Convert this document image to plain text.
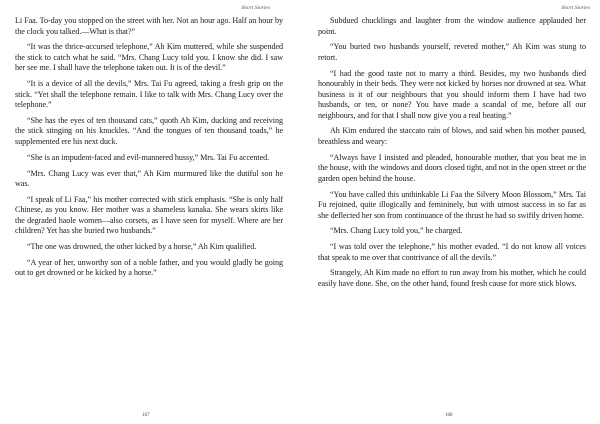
Short Stories

Li Faa. To-day you stopped on the street with her. Not an hour ago. Half an hour by the clock you talked.—What is that?”

“It was the thrice-accursed telephone,” Ah Kim muttered, while she suspended the stick to catch what he said. “Mrs. Chang Lucy told you. I know she did. I saw her see me. I shall have the telephone taken out. It is of the devil.”

“It is a device of all the devils,” Mrs. Tai Fu agreed, taking a fresh grip on the stick. “Yet shall the telephone remain. I like to talk with Mrs. Chang Lucy over the telephone.”

“She has the eyes of ten thousand cats,” quoth Ah Kim, ducking and receiving the stick stinging on his knuckles. “And the tongues of ten thousand toads,” he supplemented ere his next duck.

“She is an impudent-faced and evil-mannered hussy,” Mrs. Tai Fu accented.

“Mrs. Chang Lucy was ever that,” Ah Kim murmured like the dutiful son he was.

“I speak of Li Faa,” his mother corrected with stick emphasis. “She is only half Chinese, as you know. Her mother was a shameless kanaka. She wears skirts like the degraded haole women—also corsets, as I have seen for myself. Where are her children? Yet has she buried two husbands.”

“The one was drowned, the other kicked by a horse,” Ah Kim qualified.

“A year of her, unworthy son of a noble father, and you would gladly be going out to get drowned or be kicked by a horse.”

167
Short Stories

Subdued chucklings and laughter from the window audience applauded her point.

“You buried two husbands yourself, revered mother,” Ah Kim was stung to retort.

“I had the good taste not to marry a third. Besides, my two husbands died honourably in their beds. They were not kicked by horses nor drowned at sea. What business is it of our neighbours that you should inform them I have had two husbands, or ten, or none? You have made a scandal of me, before all our neighbours, and for that I shall now give you a real beating.”

Ah Kim endured the staccato rain of blows, and said when his mother paused, breathless and weary:

“Always have I insisted and pleaded, honourable mother, that you beat me in the house, with the windows and doors closed tight, and not in the open street or the garden open behind the house.

“You have called this unthinkable Li Faa the Silvery Moon Blossom,” Mrs. Tai Fu rejoined, quite illogically and femininely, but with utmost success in so far as she deflected her son from continuance of the thrust he had so swiftly driven home.

“Mrs. Chang Lucy told you,” he charged.

“I was told over the telephone,” his mother evaded. “I do not know all voices that speak to me over that contrivance of all the devils.”

Strangely, Ah Kim made no effort to run away from his mother, which he could easily have done. She, on the other hand, found fresh cause for more stick blows.

168
